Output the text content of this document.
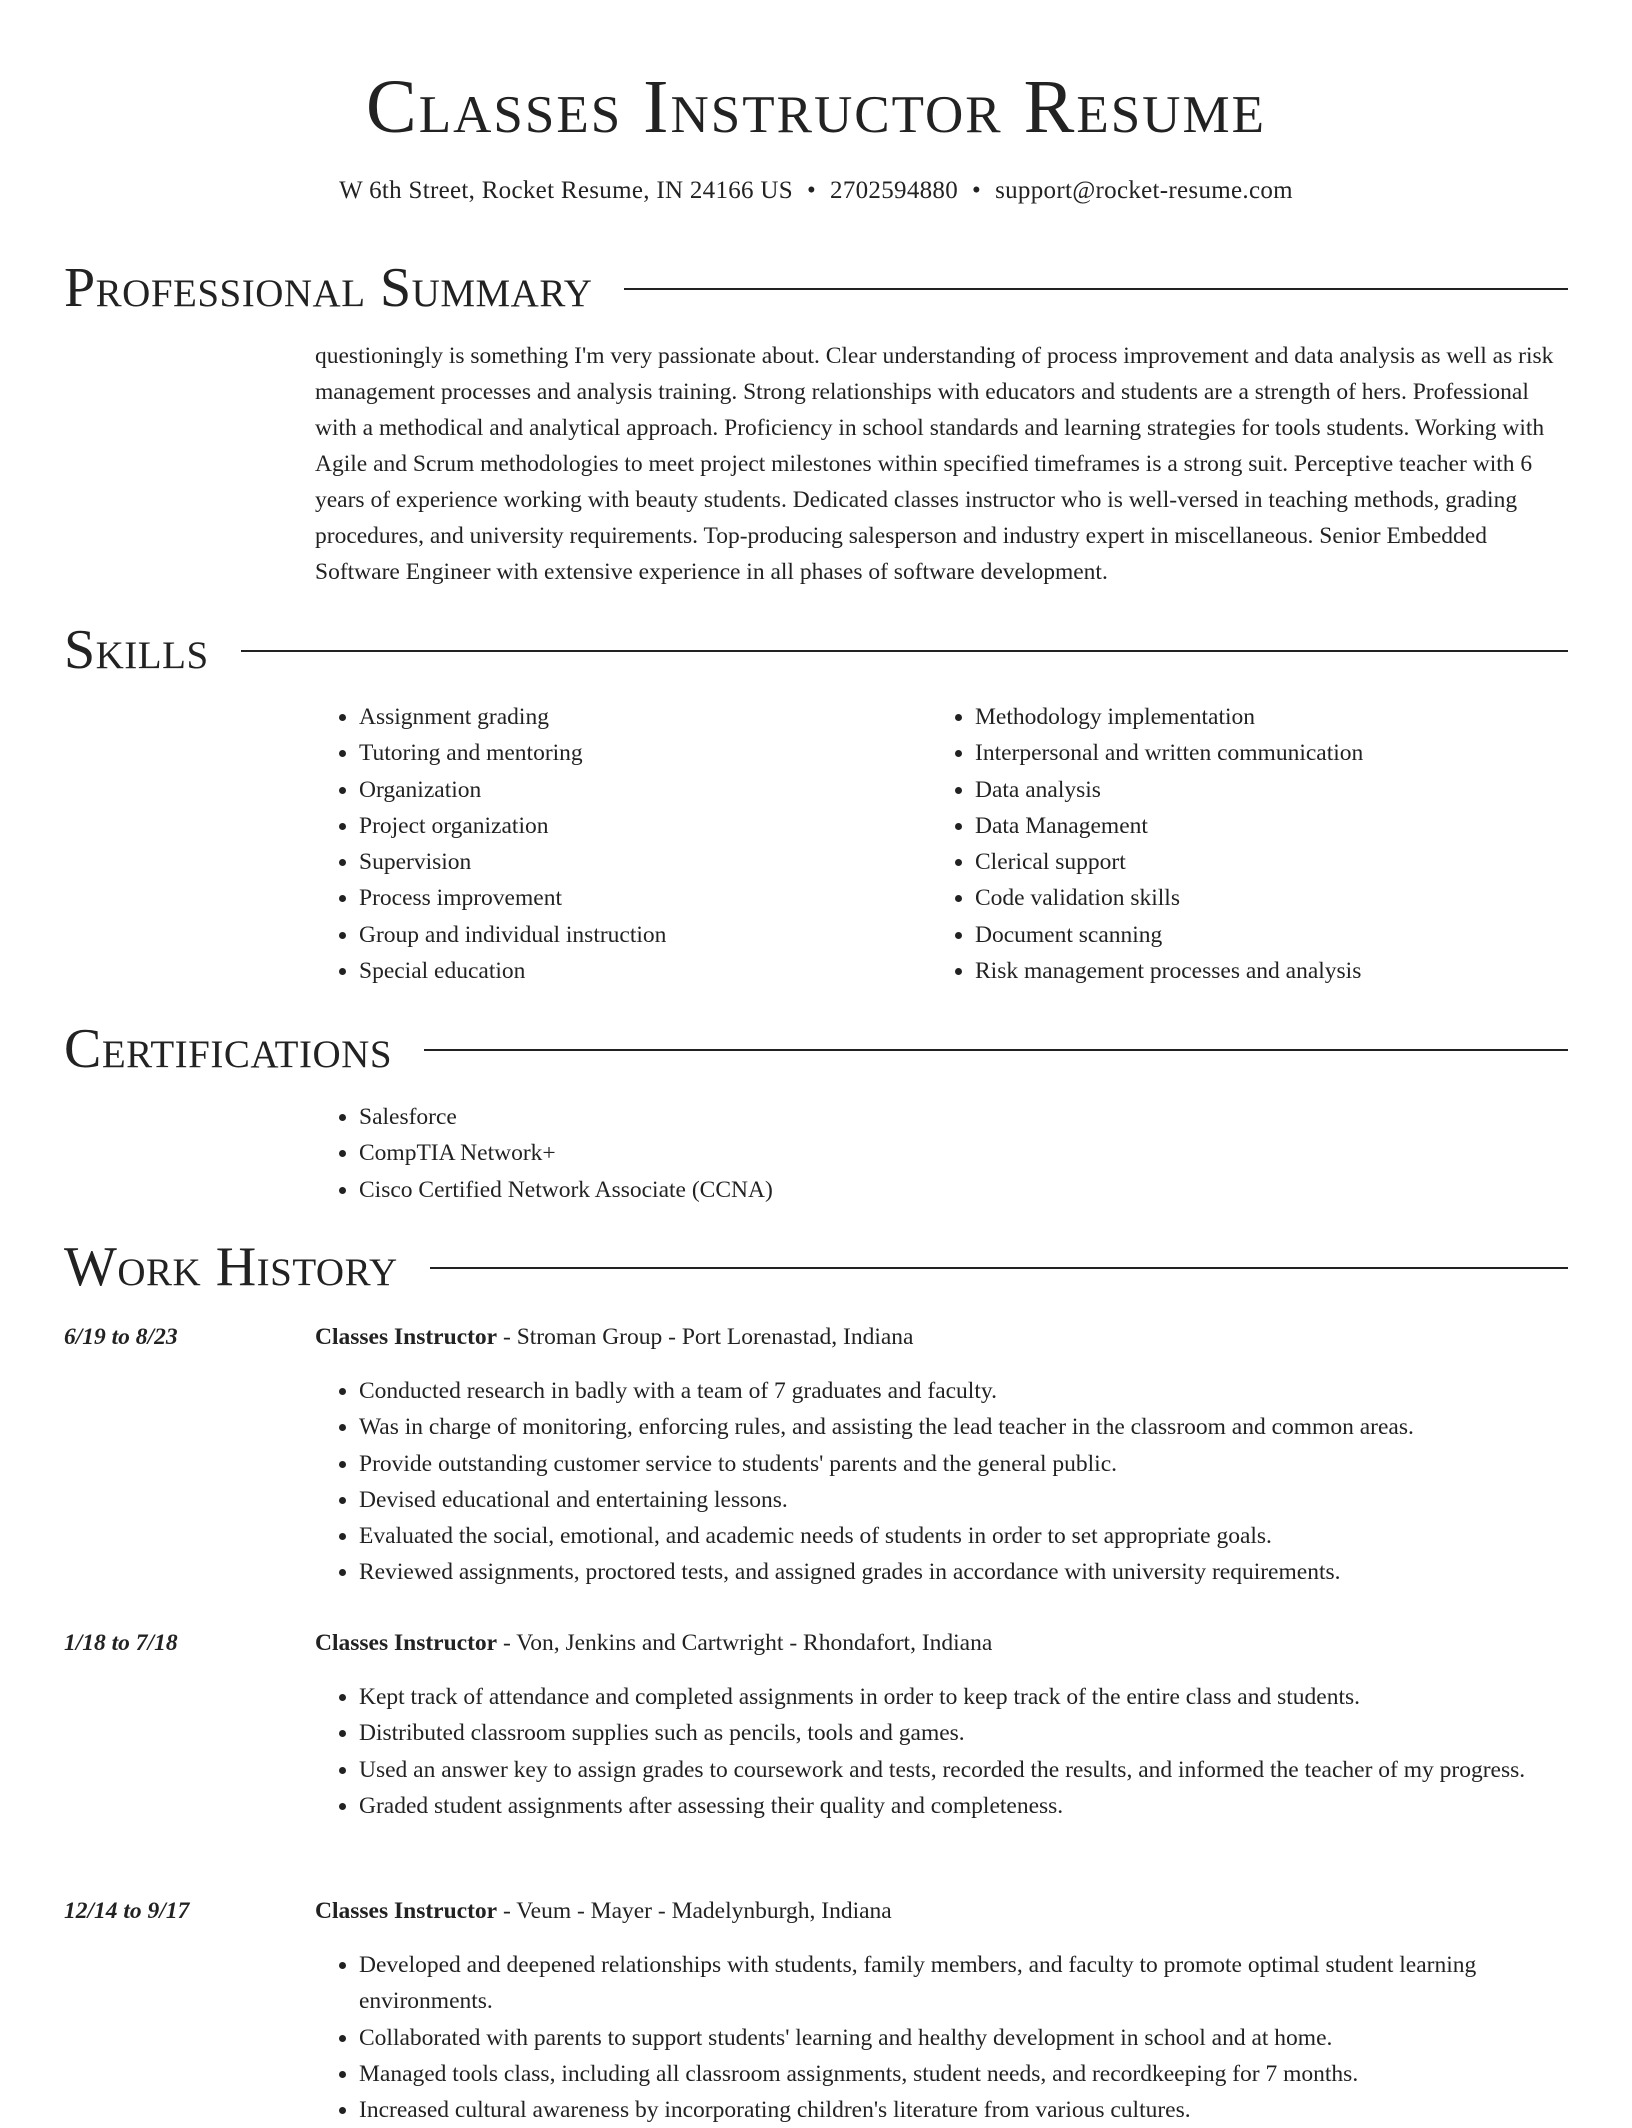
Classes Instructor Resume
W 6th Street, Rocket Resume, IN 24166 US • 2702594880 • support@rocket-resume.com
Professional Summary
questioningly is something I'm very passionate about. Clear understanding of process improvement and data analysis as well as risk management processes and analysis training. Strong relationships with educators and students are a strength of hers. Professional with a methodical and analytical approach. Proficiency in school standards and learning strategies for tools students. Working with Agile and Scrum methodologies to meet project milestones within specified timeframes is a strong suit. Perceptive teacher with 6 years of experience working with beauty students. Dedicated classes instructor who is well-versed in teaching methods, grading procedures, and university requirements. Top-producing salesperson and industry expert in miscellaneous. Senior Embedded Software Engineer with extensive experience in all phases of software development.
Skills
• Assignment grading
• Tutoring and mentoring
• Organization
• Project organization
• Supervision
• Process improvement
• Group and individual instruction
• Special education
• Methodology implementation
• Interpersonal and written communication
• Data analysis
• Data Management
• Clerical support
• Code validation skills
• Document scanning
• Risk management processes and analysis
Certifications
• Salesforce
• CompTIA Network+
• Cisco Certified Network Associate (CCNA)
Work History
6/19 to 8/23	Classes Instructor - Stroman Group - Port Lorenastad, Indiana
• Conducted research in badly with a team of 7 graduates and faculty.
• Was in charge of monitoring, enforcing rules, and assisting the lead teacher in the classroom and common areas.
• Provide outstanding customer service to students' parents and the general public.
• Devised educational and entertaining lessons.
• Evaluated the social, emotional, and academic needs of students in order to set appropriate goals.
• Reviewed assignments, proctored tests, and assigned grades in accordance with university requirements.
1/18 to 7/18	Classes Instructor - Von, Jenkins and Cartwright - Rhondafort, Indiana
• Kept track of attendance and completed assignments in order to keep track of the entire class and students.
• Distributed classroom supplies such as pencils, tools and games.
• Used an answer key to assign grades to coursework and tests, recorded the results, and informed the teacher of my progress.
• Graded student assignments after assessing their quality and completeness.
12/14 to 9/17	Classes Instructor - Veum - Mayer - Madelynburgh, Indiana
• Developed and deepened relationships with students, family members, and faculty to promote optimal student learning environments.
• Collaborated with parents to support students' learning and healthy development in school and at home.
• Managed tools class, including all classroom assignments, student needs, and recordkeeping for 7 months.
• Increased cultural awareness by incorporating children's literature from various cultures.
